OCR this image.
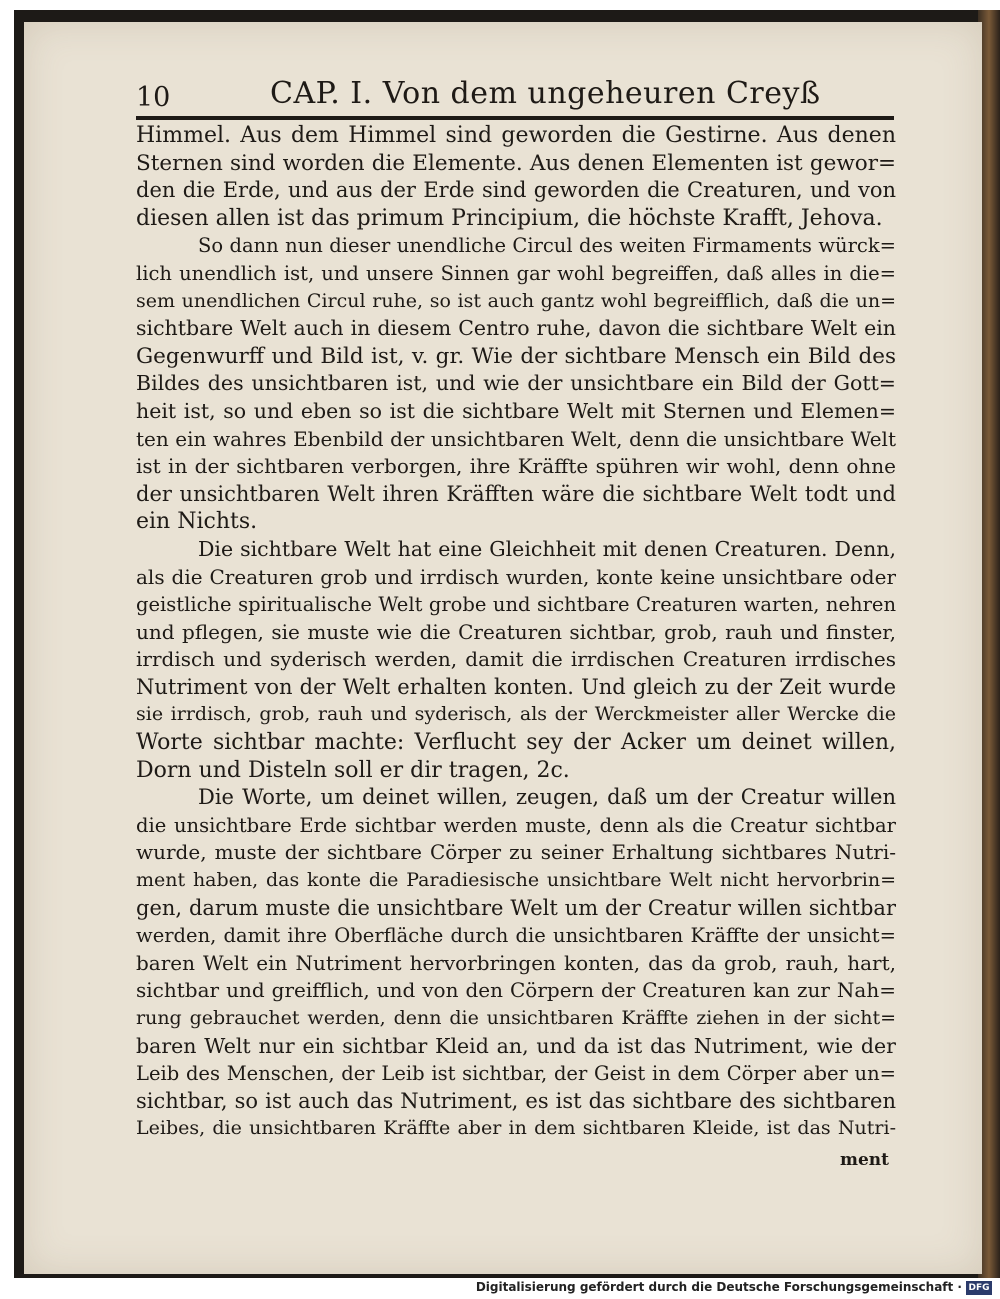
10	CAP. I. Von dem ungeheuren Creyß
Himmel. Aus dem Himmel sind geworden die Gestirne. Aus denen
Sternen sind worden die Elemente. Aus denen Elementen ist gewor=
den die Erde, und aus der Erde sind geworden die Creaturen, und von
diesen allen ist das primum Principium, die höchste Krafft, Jehova.
So dann nun dieser unendliche Circul des weiten Firmaments würck=
lich unendlich ist, und unsere Sinnen gar wohl begreiffen, daß alles in die=
sem unendlichen Circul ruhe, so ist auch gantz wohl begreifflich, daß die un=
sichtbare Welt auch in diesem Centro ruhe, davon die sichtbare Welt ein
Gegenwurff und Bild ist, v. gr. Wie der sichtbare Mensch ein Bild des
Bildes des unsichtbaren ist, und wie der unsichtbare ein Bild der Gott=
heit ist, so und eben so ist die sichtbare Welt mit Sternen und Elemen=
ten ein wahres Ebenbild der unsichtbaren Welt, denn die unsichtbare Welt
ist in der sichtbaren verborgen, ihre Kräffte spühren wir wohl, denn ohne
der unsichtbaren Welt ihren Kräfften wäre die sichtbare Welt todt und
ein Nichts.
Die sichtbare Welt hat eine Gleichheit mit denen Creaturen. Denn,
als die Creaturen grob und irrdisch wurden, konte keine unsichtbare oder
geistliche spiritualische Welt grobe und sichtbare Creaturen warten, nehren
und pflegen, sie muste wie die Creaturen sichtbar, grob, rauh und finster,
irrdisch und syderisch werden, damit die irrdischen Creaturen irrdisches
Nutriment von der Welt erhalten konten. Und gleich zu der Zeit wurde
sie irrdisch, grob, rauh und syderisch, als der Werckmeister aller Wercke die
Worte sichtbar machte: Verflucht sey der Acker um deinet willen,
Dorn und Disteln soll er dir tragen, 2c.
Die Worte, um deinet willen, zeugen, daß um der Creatur willen
die unsichtbare Erde sichtbar werden muste, denn als die Creatur sichtbar
wurde, muste der sichtbare Cörper zu seiner Erhaltung sichtbares Nutri-
ment haben, das konte die Paradiesische unsichtbare Welt nicht hervorbrin=
gen, darum muste die unsichtbare Welt um der Creatur willen sichtbar
werden, damit ihre Oberfläche durch die unsichtbaren Kräffte der unsicht=
baren Welt ein Nutriment hervorbringen konten, das da grob, rauh, hart,
sichtbar und greifflich, und von den Cörpern der Creaturen kan zur Nah=
rung gebrauchet werden, denn die unsichtbaren Kräffte ziehen in der sicht=
baren Welt nur ein sichtbar Kleid an, und da ist das Nutriment, wie der
Leib des Menschen, der Leib ist sichtbar, der Geist in dem Cörper aber un=
sichtbar, so ist auch das Nutriment, es ist das sichtbare des sichtbaren
Leibes, die unsichtbaren Kräffte aber in dem sichtbaren Kleide, ist das Nutri-
ment
Digitalisierung gefördert durch die Deutsche Forschungsgemeinschaft · DFG
